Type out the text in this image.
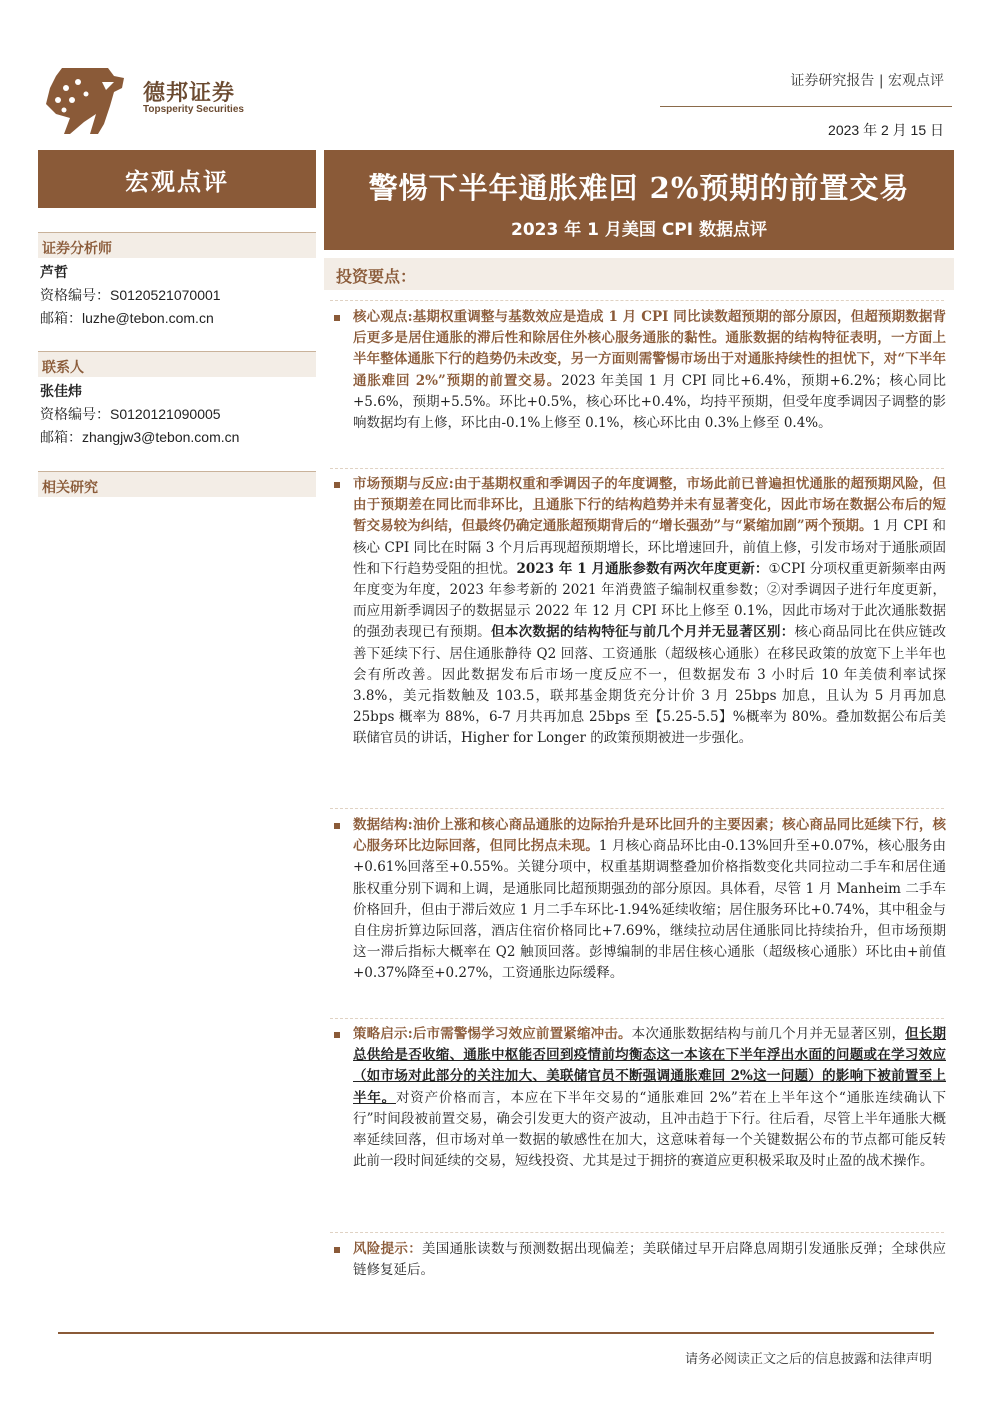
德邦证券
Topsperity Securities
证券研究报告 | 宏观点评
2023 年 2 月 15 日
宏观点评	警惕下半年通胀难回 2%预期的前置交易
2023 年 1 月美国 CPI 数据点评
证券分析师
芦哲
资格编号：S0120521070001
邮箱：luzhe@tebon.com.cn
联系人
张佳炜
资格编号：S0120121090005
邮箱：zhangjw3@tebon.com.cn
相关研究
投资要点：
核心观点:基期权重调整与基数效应是造成 1 月 CPI 同比读数超预期的部分原因，但超预期数据背后更多是居住通胀的滞后性和除居住外核心服务通胀的黏性。通胀数据的结构特征表明，一方面上半年整体通胀下行的趋势仍未改变，另一方面则需警惕市场出于对通胀持续性的担忧下，对“下半年通胀难回 2%”预期的前置交易。2023 年美国 1 月 CPI 同比+6.4%，预期+6.2%；核心同比+5.6%，预期+5.5%。环比+0.5%，核心环比+0.4%，均持平预期，但受年度季调因子调整的影响数据均有上修，环比由-0.1%上修至 0.1%，核心环比由 0.3%上修至 0.4%。
市场预期与反应:由于基期权重和季调因子的年度调整，市场此前已普遍担忧通胀的超预期风险，但由于预期差在同比而非环比，且通胀下行的结构趋势并未有显著变化，因此市场在数据公布后的短暂交易较为纠结，但最终仍确定通胀超预期背后的“增长强劲”与“紧缩加剧”两个预期。1 月 CPI 和核心 CPI 同比在时隔 3 个月后再现超预期增长，环比增速回升，前值上修，引发市场对于通胀顽固性和下行趋势受阻的担忧。2023 年 1 月通胀参数有两次年度更新：①CPI 分项权重更新频率由两年度变为年度，2023 年参考新的 2021 年消费篮子编制权重参数；②对季调因子进行年度更新，而应用新季调因子的数据显示 2022 年 12 月 CPI 环比上修至 0.1%，因此市场对于此次通胀数据的强劲表现已有预期。但本次数据的结构特征与前几个月并无显著区别：核心商品同比在供应链改善下延续下行、居住通胀静待 Q2 回落、工资通胀（超级核心通胀）在移民政策的放宽下上半年也会有所改善。因此数据发布后市场一度反应不一，但数据发布 3 小时后 10 年美债利率试探 3.8%，美元指数触及 103.5，联邦基金期货充分计价 3 月 25bps 加息，且认为 5 月再加息 25bps 概率为 88%，6-7 月共再加息 25bps 至【5.25-5.5】%概率为 80%。叠加数据公布后美联储官员的讲话，Higher for Longer 的政策预期被进一步强化。
数据结构:油价上涨和核心商品通胀的边际抬升是环比回升的主要因素；核心商品同比延续下行，核心服务环比边际回落，但同比拐点未现。1 月核心商品环比由-0.13%回升至+0.07%，核心服务由+0.61%回落至+0.55%。关键分项中，权重基期调整叠加价格指数变化共同拉动二手车和居住通胀权重分别下调和上调，是通胀同比超预期强劲的部分原因。具体看，尽管 1 月 Manheim 二手车价格回升，但由于滞后效应 1 月二手车环比-1.94%延续收缩；居住服务环比+0.74%，其中租金与自住房折算边际回落，酒店住宿价格同比+7.69%，继续拉动居住通胀同比持续抬升，但市场预期这一滞后指标大概率在 Q2 触顶回落。彭博编制的非居住核心通胀（超级核心通胀）环比由+前值+0.37%降至+0.27%，工资通胀边际缓释。
策略启示:后市需警惕学习效应前置紧缩冲击。本次通胀数据结构与前几个月并无显著区别，但长期总供给是否收缩、通胀中枢能否回到疫情前均衡态这一本该在下半年浮出水面的问题或在学习效应（如市场对此部分的关注加大、美联储官员不断强调通胀难回 2%这一问题）的影响下被前置至上半年。对资产价格而言，本应在下半年交易的“通胀难回 2%”若在上半年这个“通胀连续确认下行”时间段被前置交易，确会引发更大的资产波动，且冲击趋于下行。往后看，尽管上半年通胀大概率延续回落，但市场对单一数据的敏感性在加大，这意味着每一个关键数据公布的节点都可能反转此前一段时间延续的交易，短线投资、尤其是过于拥挤的赛道应更积极采取及时止盈的战术操作。
风险提示：美国通胀读数与预测数据出现偏差；美联储过早开启降息周期引发通胀反弹；全球供应链修复延后。
请务必阅读正文之后的信息披露和法律声明
